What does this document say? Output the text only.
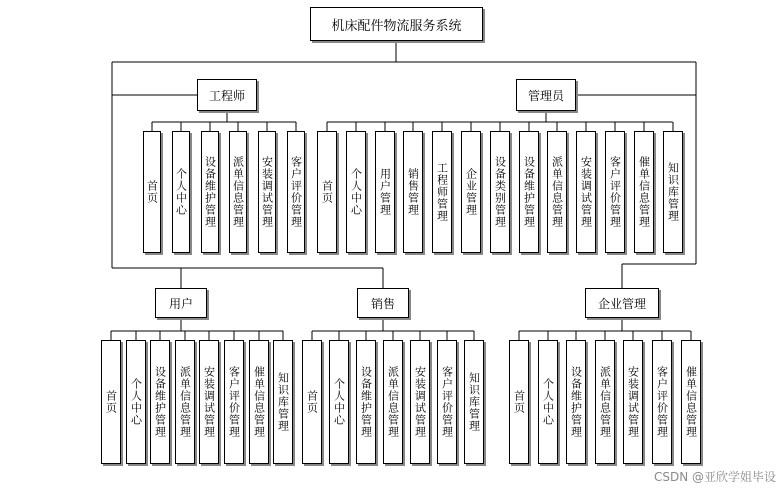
机床配件物流服务系统
工程师
首页 个人中心 设备维护管理 派单信息管理 安装调试管理 客户评价管理
管理员
首页 个人中心 用户管理 销售管理 工程师管理 企业管理 设备类别管理 设备维护管理 派单信息管理 安装调试管理 客户评价管理 催单信息管理 知识库管理
用户
首页 个人中心 设备维护管理 派单信息管理 安装调试管理 客户评价管理 催单信息管理 知识库管理
销售
首页 个人中心 设备维护管理 派单信息管理 安装调试管理 客户评价管理 知识库管理
企业管理
首页 个人中心 设备维护管理 派单信息管理 安装调试管理 客户评价管理 催单信息管理
CSDN @亚欣学姐毕设
